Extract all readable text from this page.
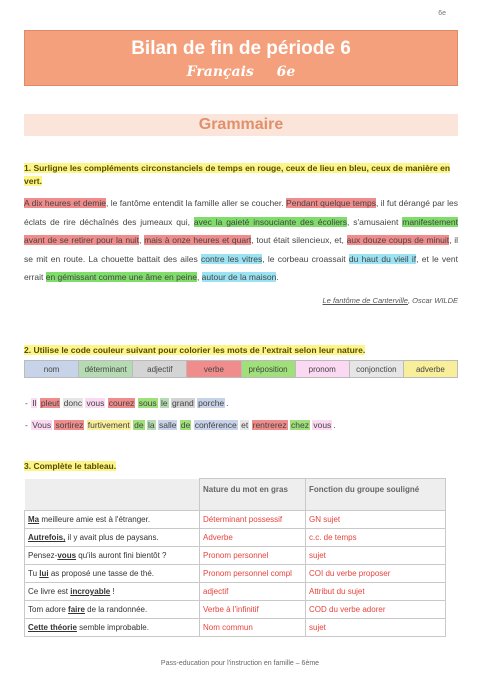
6e
Bilan de fin de période 6
Français 6e
Grammaire
1. Surligne les compléments circonstanciels de temps en rouge, ceux de lieu en bleu, ceux de manière en vert.
A dix heures et demie, le fantôme entendit la famille aller se coucher. Pendant quelque temps, il fut dérangé par les éclats de rire déchaînés des jumeaux qui, avec la gaieté insouciante des écoliers, s'amusaient manifestement avant de se retirer pour la nuit, mais à onze heures et quart, tout était silencieux, et, aux douze coups de minuit, il se mit en route. La chouette battait des ailes contre les vitres, le corbeau croassait du haut du vieil if, et le vent errait en gémissant comme une âme en peine, autour de la maison.
Le fantôme de Canterville, Oscar WILDE
2. Utilise le code couleur suivant pour colorier les mots de l'extrait selon leur nature.
nom	déterminant	adjectif	verbe	préposition	pronom	conjonction	adverbe
- Il pleut donc vous courez sous le grand porche .
- Vous sortirez furtivement de la salle de conférence et rentrerez chez vous .
3. Complète le tableau.
	Nature du mot en gras	Fonction du groupe souligné
Ma meilleure amie est à l'étranger.	Déterminant possessif	GN sujet
Autrefois, il y avait plus de paysans.	Adverbe	c.c. de temps
Pensez-vous qu'ils auront fini bientôt ?	Pronom personnel	sujet
Tu lui as proposé une tasse de thé.	Pronom personnel compl	COI du verbe proposer
Ce livre est incroyable !	adjectif	Attribut du sujet
Tom adore faire de la randonnée.	Verbe à l'infinitif	COD du verbe adorer
Cette théorie semble improbable.	Nom commun	sujet
Pass-education pour l'instruction en famille – 6ème
